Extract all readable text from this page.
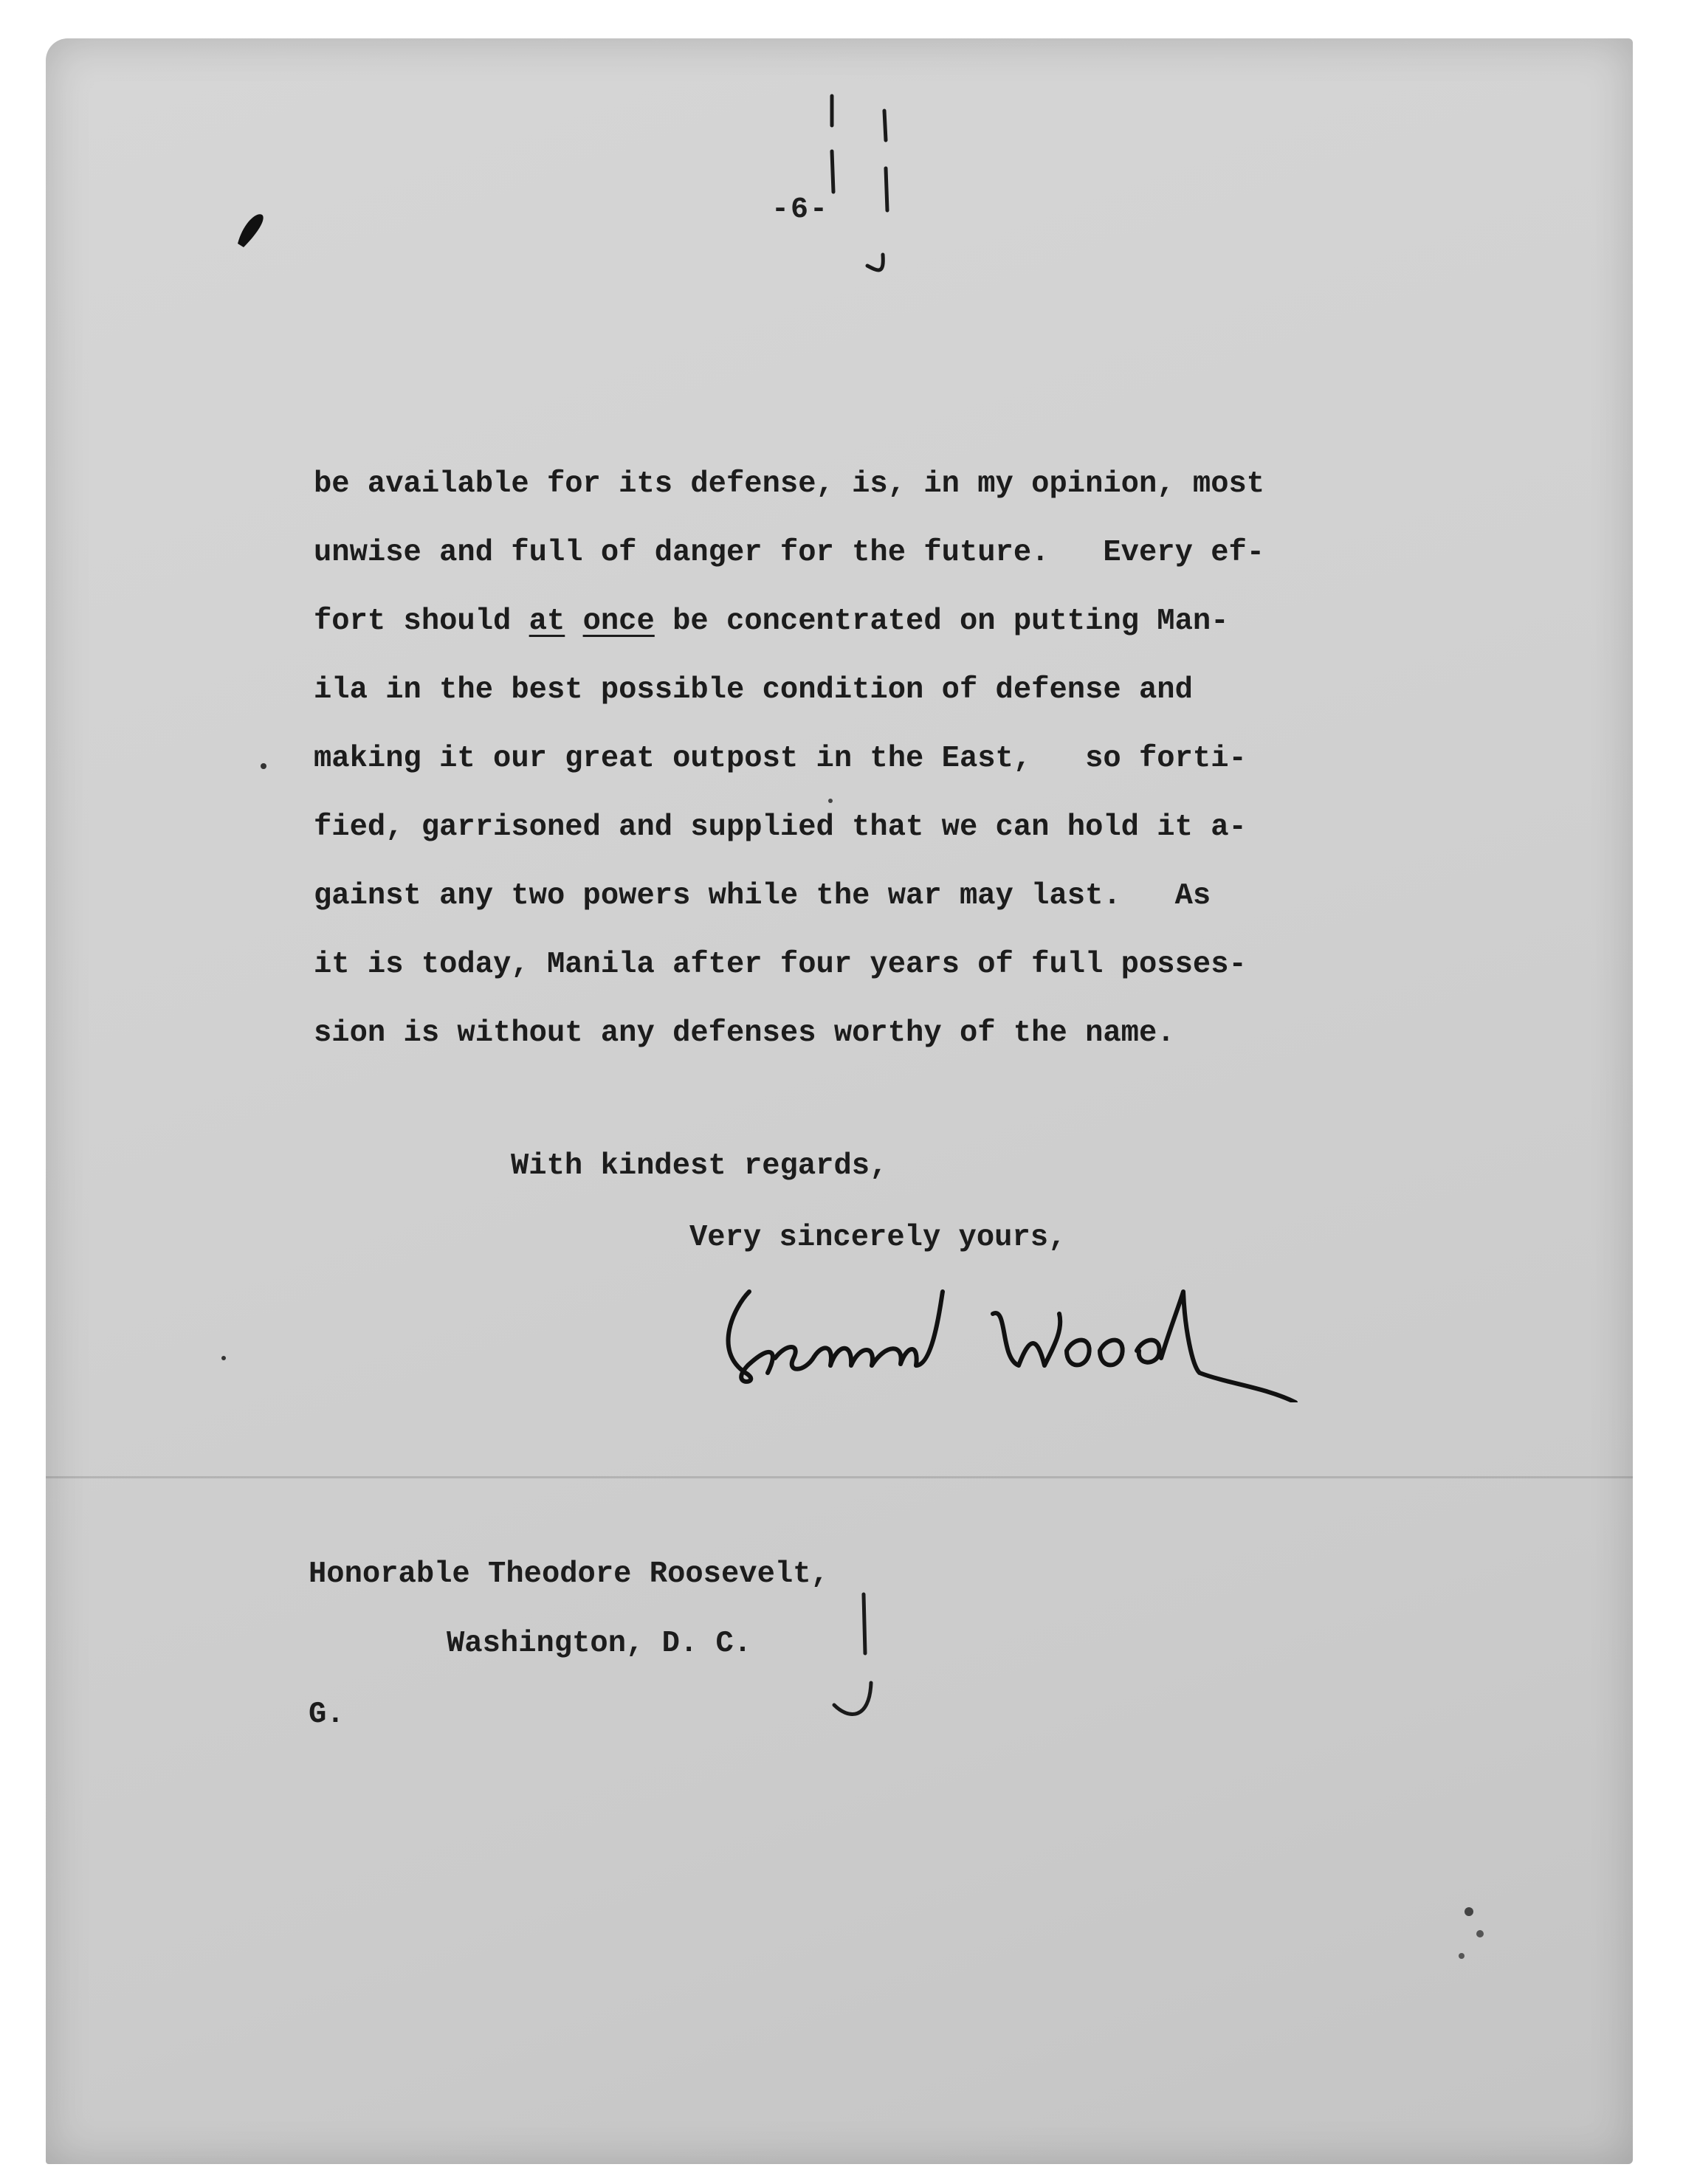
-6-
be available for its defense, is, in my opinion, most
unwise and full of danger for the future.   Every ef-
fort should at once be concentrated on putting Man-
ila in the best possible condition of defense and
making it our great outpost in the East,   so forti-
fied, garrisoned and supplied that we can hold it a-
gainst any two powers while the war may last.   As
it is today, Manila after four years of full posses-
sion is without any defenses worthy of the name.
With kindest regards,
Very sincerely yours,
Honorable Theodore Roosevelt,
Washington, D. C.
G.
